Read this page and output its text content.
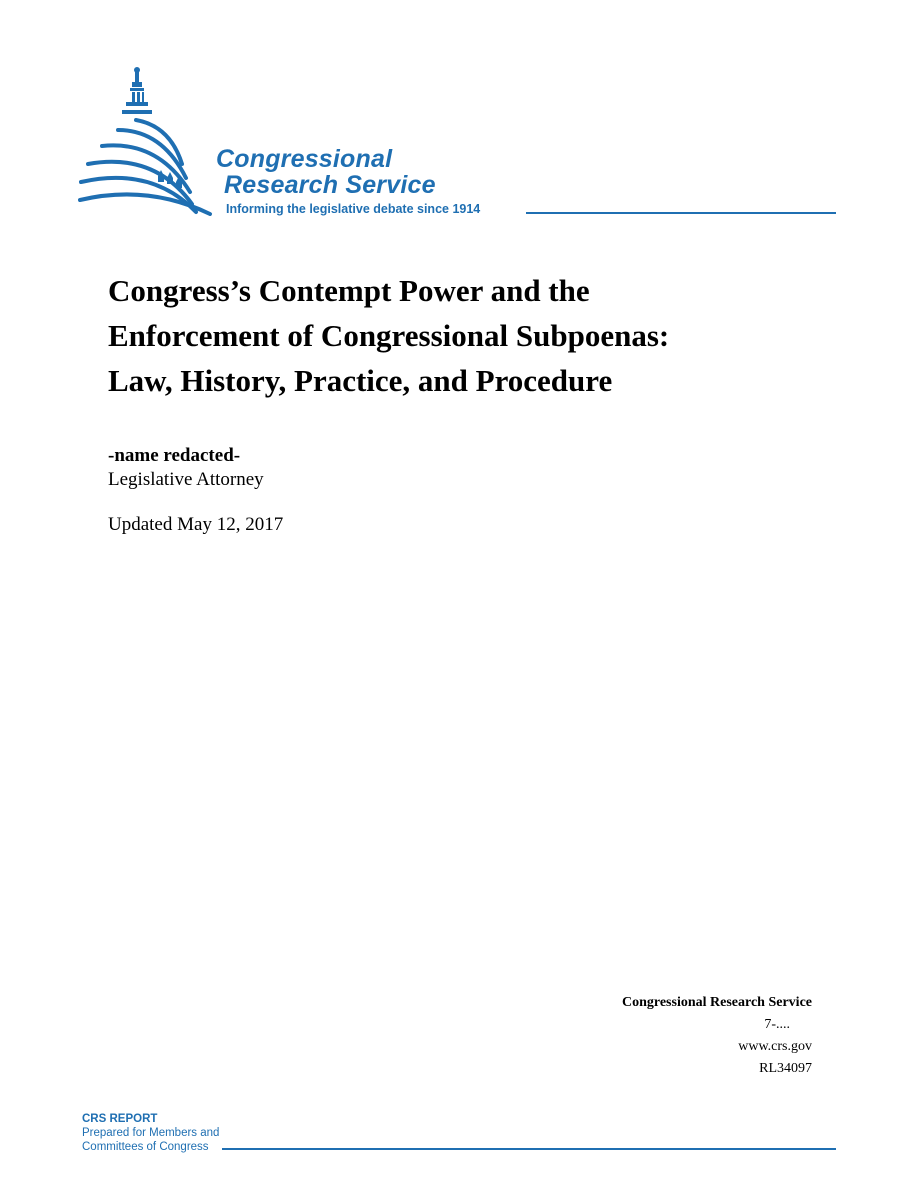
Congressional
Research Service
Informing the legislative debate since 1914
Congress’s Contempt Power and the
Enforcement of Congressional Subpoenas:
Law, History, Practice, and Procedure
-name redacted-
Legislative Attorney
Updated May 12, 2017
Congressional Research Service
7-....
www.crs.gov
RL34097
CRS REPORT
Prepared for Members and
Committees of Congress
